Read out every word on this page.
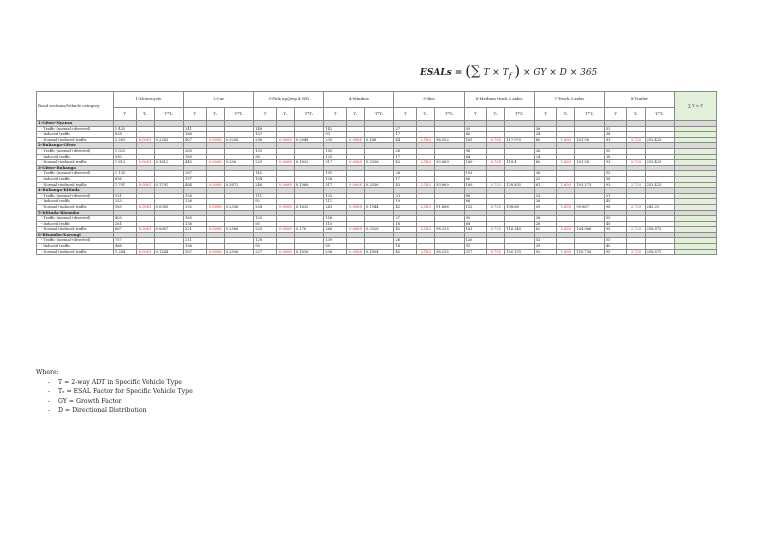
ESALs = (∑ $T \times T_f$ ) × GY × D × 365
Road sections/Vehicle category	1-Motorcycle			2-Car			3-Pick up/Jeep 4 WD			4-Minibus			5-Bus			6-Medium truck 2 axles			7-Truck 3 axles			8-Trailer			∑ T × T
	T	Tₑ	T*Tₑ	T	Tₑ	T*Tₑ	T	Tₑ	T*Tₑ	T	Tₑ	T*Tₑ	T	Tₑ	T*Tₑ	T	Tₑ	T*Tₑ	T	Tₑ	T*Tₑ	T	Tₑ	T*Tₑ	
1-Gitwe-Nyanza																									
- Traffic (normal+diverted)	1 435			241			148			142			27			93			36			53			
- Induced traffic	828			166			107			93			17			66			24			38			
- Normal+induced traffic	2 263	0.0001	0.2263	407	0.0008	0.3256	256	0.0008	0.2048	235	0.0008	0.188	44	2.183	96.052	165	0.735	117.975	60	1.693	101.58	93	2.725	253.425	
2-Buhanga-Gitwe																									
- Traffic (normal+diverted)	1 022			265			133			192			26			96			36			55			
- Induced traffic	590			180			96			125			17			64			24			38			
- Normal+induced traffic	1 612	0.0001	0.1612	445	0.0008	0.356	229	0.0008	0.1832	317	0.0008	0.2536	43	2.183	93.869	160	0.735	118.4	60	1.693	101.58	93	2.725	253.425	
3-Gitwe-Buhanga																									
- Traffic (normal+diverted)	1 135			287			142			191			26			103			36			55			
- Induced traffic	656			197			104			126			17			68			25			38			
- Normal+induced traffic	1 791	0.0001	0.1791	484	0.0008	0.3872	246	0.0008	0.1968	317	0.0008	0.2536	43	2.183	93.869	169	0.735	128.835	61	1.693	103.273	93	2.725	253.425	
4-Buhanga-Kitinda																									
- Traffic (normal+diverted)	331			156			111			132			23			86			33			51			
- Induced traffic	253			136			92			111			19			66			26			45			
- Normal+induced traffic	585	0.0001	0.0585	292	0.0008	0.2336	204	0.0008	0.1632	243	0.0008	0.1944	42	2.183	91.686	152	0.735	108.68	59	1.693	99.887	98	2.725	245.25	
5-Kitinda-Bisumbo																									
- Traffic (normal+diverted)	405			185			125			156			27			95			36			55			
- Induced traffic	261			136			95			110			18			68			26			40			
- Normal+induced traffic	667	0.0001	0.0667	321	0.0008	0.2568	220	0.0008	0.176	266	0.0008	0.2528	45	2.183	98.235	163	0.735	116.345	62	1.693	104.966	95	2.725	258.875	
6-Bisumbo-Karongi																									
- Traffic (normal+diverted)	757			211			128			139			26			126			53			55			
- Induced traffic	486			156			99			99			18			91			39			40			
- Normal+induced traffic	1 244	0.0001	0.1244	367	0.0008	0.2936	227	0.0008	0.1816	238	0.0008	0.1904	45	2.183	98.235	217	0.735	150.155	92	1.693	155.756	95	2.725	258.875	
Where:
- T = 2-way ADT in Specific Vehicle Type
- Tₑ = ESAL Factor for Specific Vehicle Type
- GY = Growth Factor
- D = Directional Distribution
